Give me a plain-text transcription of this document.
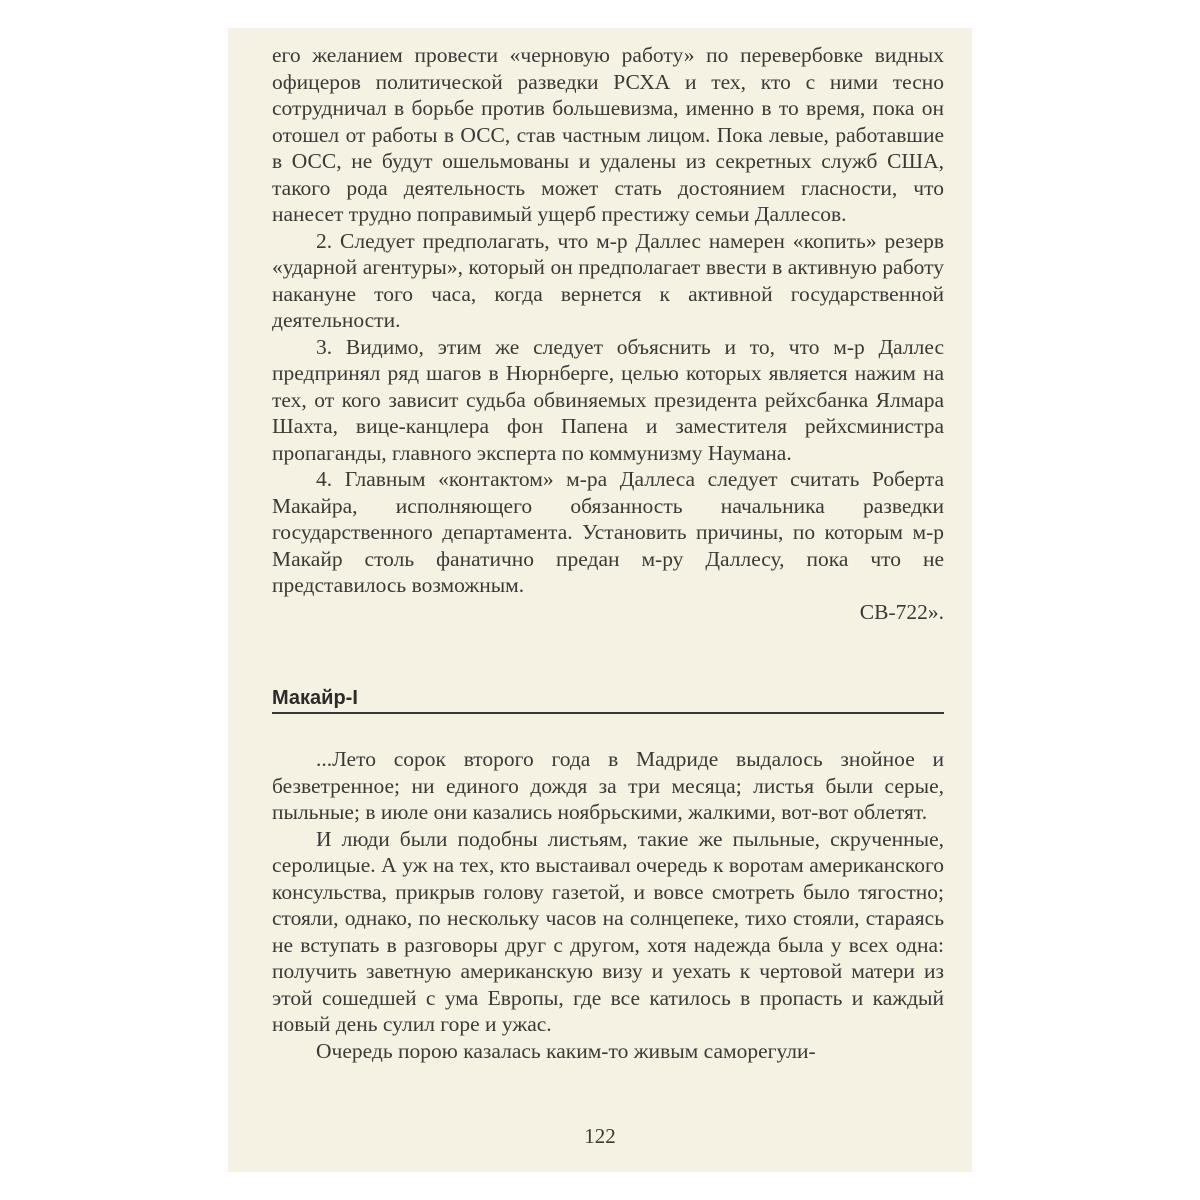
его желанием провести «черновую работу» по перевербовке видных офицеров политической разведки РСХА и тех, кто с ними тесно сотрудничал в борьбе против большевизма, именно в то время, пока он отошел от работы в ОСС, став частным лицом. Пока левые, работавшие в ОСС, не будут ошельмованы и удалены из секретных служб США, такого рода деятельность может стать достоянием гласности, что нанесет трудно поправимый ущерб престижу семьи Даллесов.

2. Следует предполагать, что м-р Даллес намерен «копить» резерв «ударной агентуры», который он предполагает ввести в активную работу накануне того часа, когда вернется к активной государственной деятельности.

3. Видимо, этим же следует объяснить и то, что м-р Даллес предпринял ряд шагов в Нюрнберге, целью которых является нажим на тех, от кого зависит судьба обвиняемых президента рейхсбанка Ялмара Шахта, вице-канцлера фон Папена и заместителя рейхсминистра пропаганды, главного эксперта по коммунизму Наумана.

4. Главным «контактом» м-ра Даллеса следует считать Роберта Макайра, исполняющего обязанность начальника разведки государственного департамента. Установить причины, по которым м-р Макайр столь фанатично предан м-ру Даллесу, пока что не представилось возможным.

СВ-722».

Макайр-I

...Лето сорок второго года в Мадриде выдалось знойное и безветренное; ни единого дождя за три месяца; листья были серые, пыльные; в июле они казались ноябрьскими, жалкими, вот-вот облетят.

И люди были подобны листьям, такие же пыльные, скрученные, серолицые. А уж на тех, кто выстаивал очередь к воротам американского консульства, прикрыв голову газетой, и вовсе смотреть было тягостно; стояли, однако, по нескольку часов на солнцепеке, тихо стояли, стараясь не вступать в разговоры друг с другом, хотя надежда была у всех одна: получить заветную американскую визу и уехать к чертовой матери из этой сошедшей с ума Европы, где все катилось в пропасть и каждый новый день сулил горе и ужас.

Очередь порою казалась каким-то живым саморегули-

122
